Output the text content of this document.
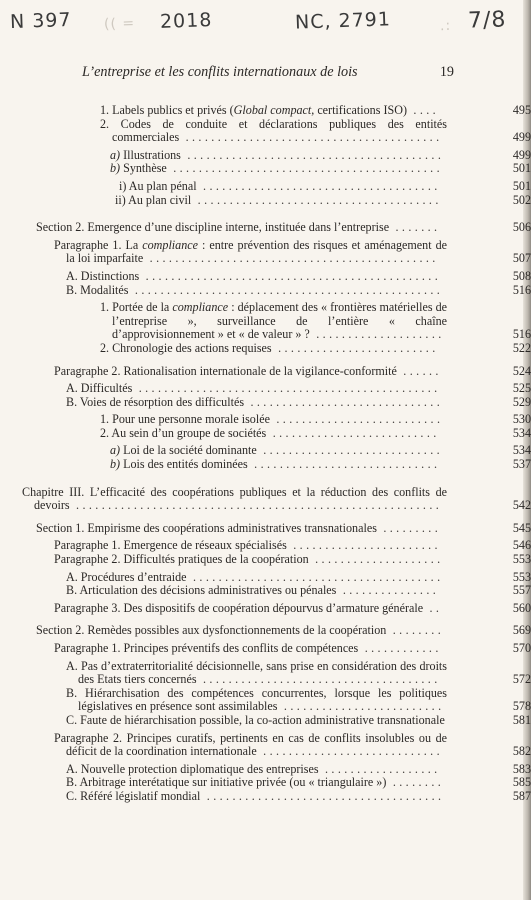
N 397 (( = 2018	NC, 2791	.: 7/8
L’entreprise et les conflits internationaux de lois	19
1. Labels publics et privés (Global compact, certifications ISO) ....	495
2. Codes de conduite et déclarations publiques des entités commerciales ........................................	499
a) Illustrations ........................................	499
b) Synthèse ..........................................	501
i) Au plan pénal .....................................	501
ii) Au plan civil ......................................	502
Section 2. Emergence d’une discipline interne, instituée dans l’entreprise .......	506
Paragraphe 1. La compliance : entre prévention des risques et aménagement de la loi imparfaite .............................................	507
A. Distinctions ..............................................	508
B. Modalités ................................................	516
1. Portée de la compliance : déplacement des « frontières matérielles de l’entreprise », surveillance de l’entière « chaîne d’approvisionnement » et « de valeur » ? ....................	516
2. Chronologie des actions requises .........................	522
Paragraphe 2. Rationalisation internationale de la vigilance-conformité ......	524
A. Difficultés ...............................................	525
B. Voies de résorption des difficultés ..............................	529
1. Pour une personne morale isolée ..........................	530
2. Au sein d’un groupe de sociétés ..........................	534
a) Loi de la société dominante ............................	534
b) Lois des entités dominées .............................	537
Chapitre III. L’efficacité des coopérations publiques et la réduction des conflits de devoirs .........................................................	542
Section 1. Empirisme des coopérations administratives transnationales .........	545
Paragraphe 1. Emergence de réseaux spécialisés .......................	546
Paragraphe 2. Difficultés pratiques de la coopération ....................	553
A. Procédures d’entraide .......................................	553
B. Articulation des décisions administratives ou pénales ...............	557
Paragraphe 3. Des dispositifs de coopération dépourvus d’armature générale ..	560
Section 2. Remèdes possibles aux dysfonctionnements de la coopération ........	569
Paragraphe 1. Principes préventifs des conflits de compétences ............	570
A. Pas d’extraterritorialité décisionnelle, sans prise en considération des droits des Etats tiers concernés .....................................	572
B. Hiérarchisation des compétences concurrentes, lorsque les politiques législatives en présence sont assimilables .........................	578
C. Faute de hiérarchisation possible, la co-action administrative transnationale	581
Paragraphe 2. Principes curatifs, pertinents en cas de conflits insolubles ou de déficit de la coordination internationale ............................	582
A. Nouvelle protection diplomatique des entreprises ..................	583
B. Arbitrage interétatique sur initiative privée (ou « triangulaire ») ........	585
C. Référé législatif mondial .....................................	587
